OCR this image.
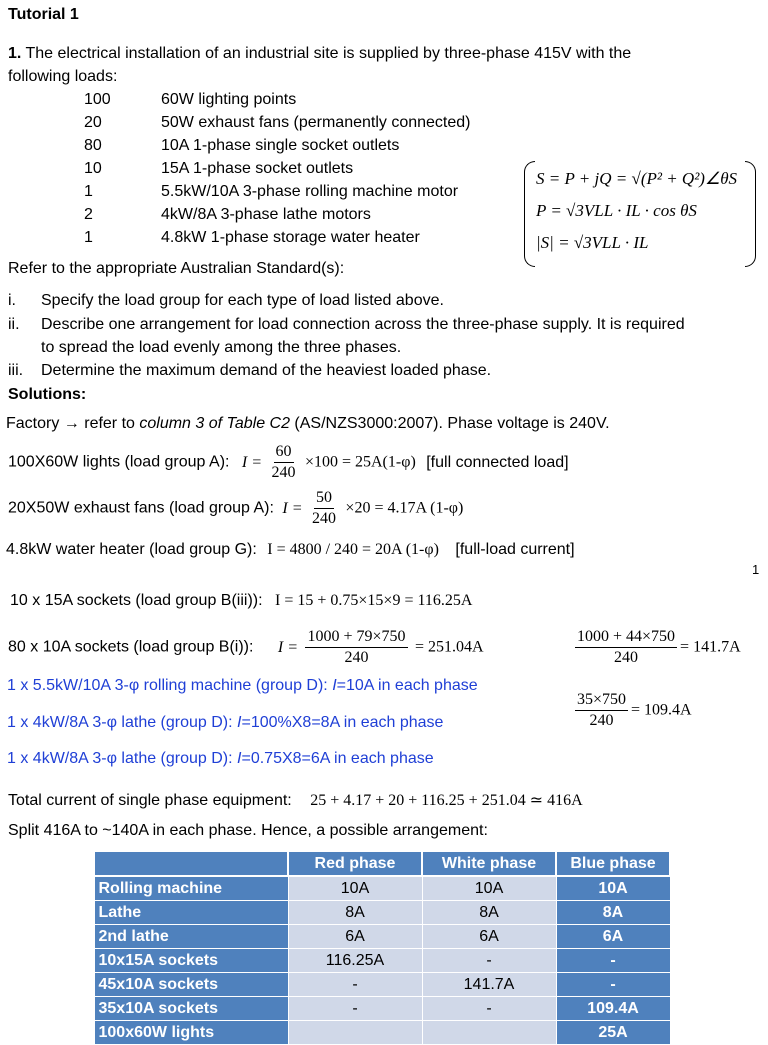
Tutorial 1
1. The electrical installation of an industrial site is supplied by three-phase 415V with the
following loads:
100	60W lighting points
20	50W exhaust fans (permanently connected)
80	10A 1-phase single socket outlets
10	15A 1-phase socket outlets
1	5.5kW/10A 3-phase rolling machine motor
2	4kW/8A 3-phase lathe motors
1	4.8kW 1-phase storage water heater
S = P + jQ = √(P² + Q²)∠θS
P = √3VLL · IL · cos θS
|S| = √3VLL · IL
Refer to the appropriate Australian Standard(s):
i. Specify the load group for each type of load listed above.
ii. Describe one arrangement for load connection across the three-phase supply. It is required
to spread the load evenly among the three phases.
iii. Determine the maximum demand of the heaviest loaded phase.
Solutions:
Factory → refer to column 3 of Table C2 (AS/NZS3000:2007). Phase voltage is 240V.
100X60W lights (load group A): $I = \frac{60}{240} \times 100 = 25A(1-\varphi)$ [full connected load]
20X50W exhaust fans (load group A): $I = \frac{50}{240} \times 20 = 4.17A$ (1-φ)
4.8kW water heater (load group G): I = 4800 / 240 = 20A (1-φ) [full-load current]
1
10 x 15A sockets (load group B(iii)): I = 15 + 0.75×15×9 = 116.25A
80 x 10A sockets (load group B(i)): $I = \frac{1000 + 79\times 750}{240} = 251.04A$	$\frac{1000 + 44\times 750}{240} = 141.7A$
1 x 5.5kW/10A 3-φ rolling machine (group D): I=10A in each phase
$\frac{35\times 750}{240} = 109.4A$
1 x 4kW/8A 3-φ lathe (group D): I=100%X8=8A in each phase
1 x 4kW/8A 3-φ lathe (group D): I=0.75X8=6A in each phase
Total current of single phase equipment: 25 + 4.17 + 20 + 116.25 + 251.04 ≃ 416A
Split 416A to ~140A in each phase. Hence, a possible arrangement:
	Red phase	White phase	Blue phase
Rolling machine	10A	10A	10A
Lathe	8A	8A	8A
2nd lathe	6A	6A	6A
10x15A sockets	116.25A	-	-
45x10A sockets	-	141.7A	-
35x10A sockets	-	-	109.4A
100x60W lights			25A
